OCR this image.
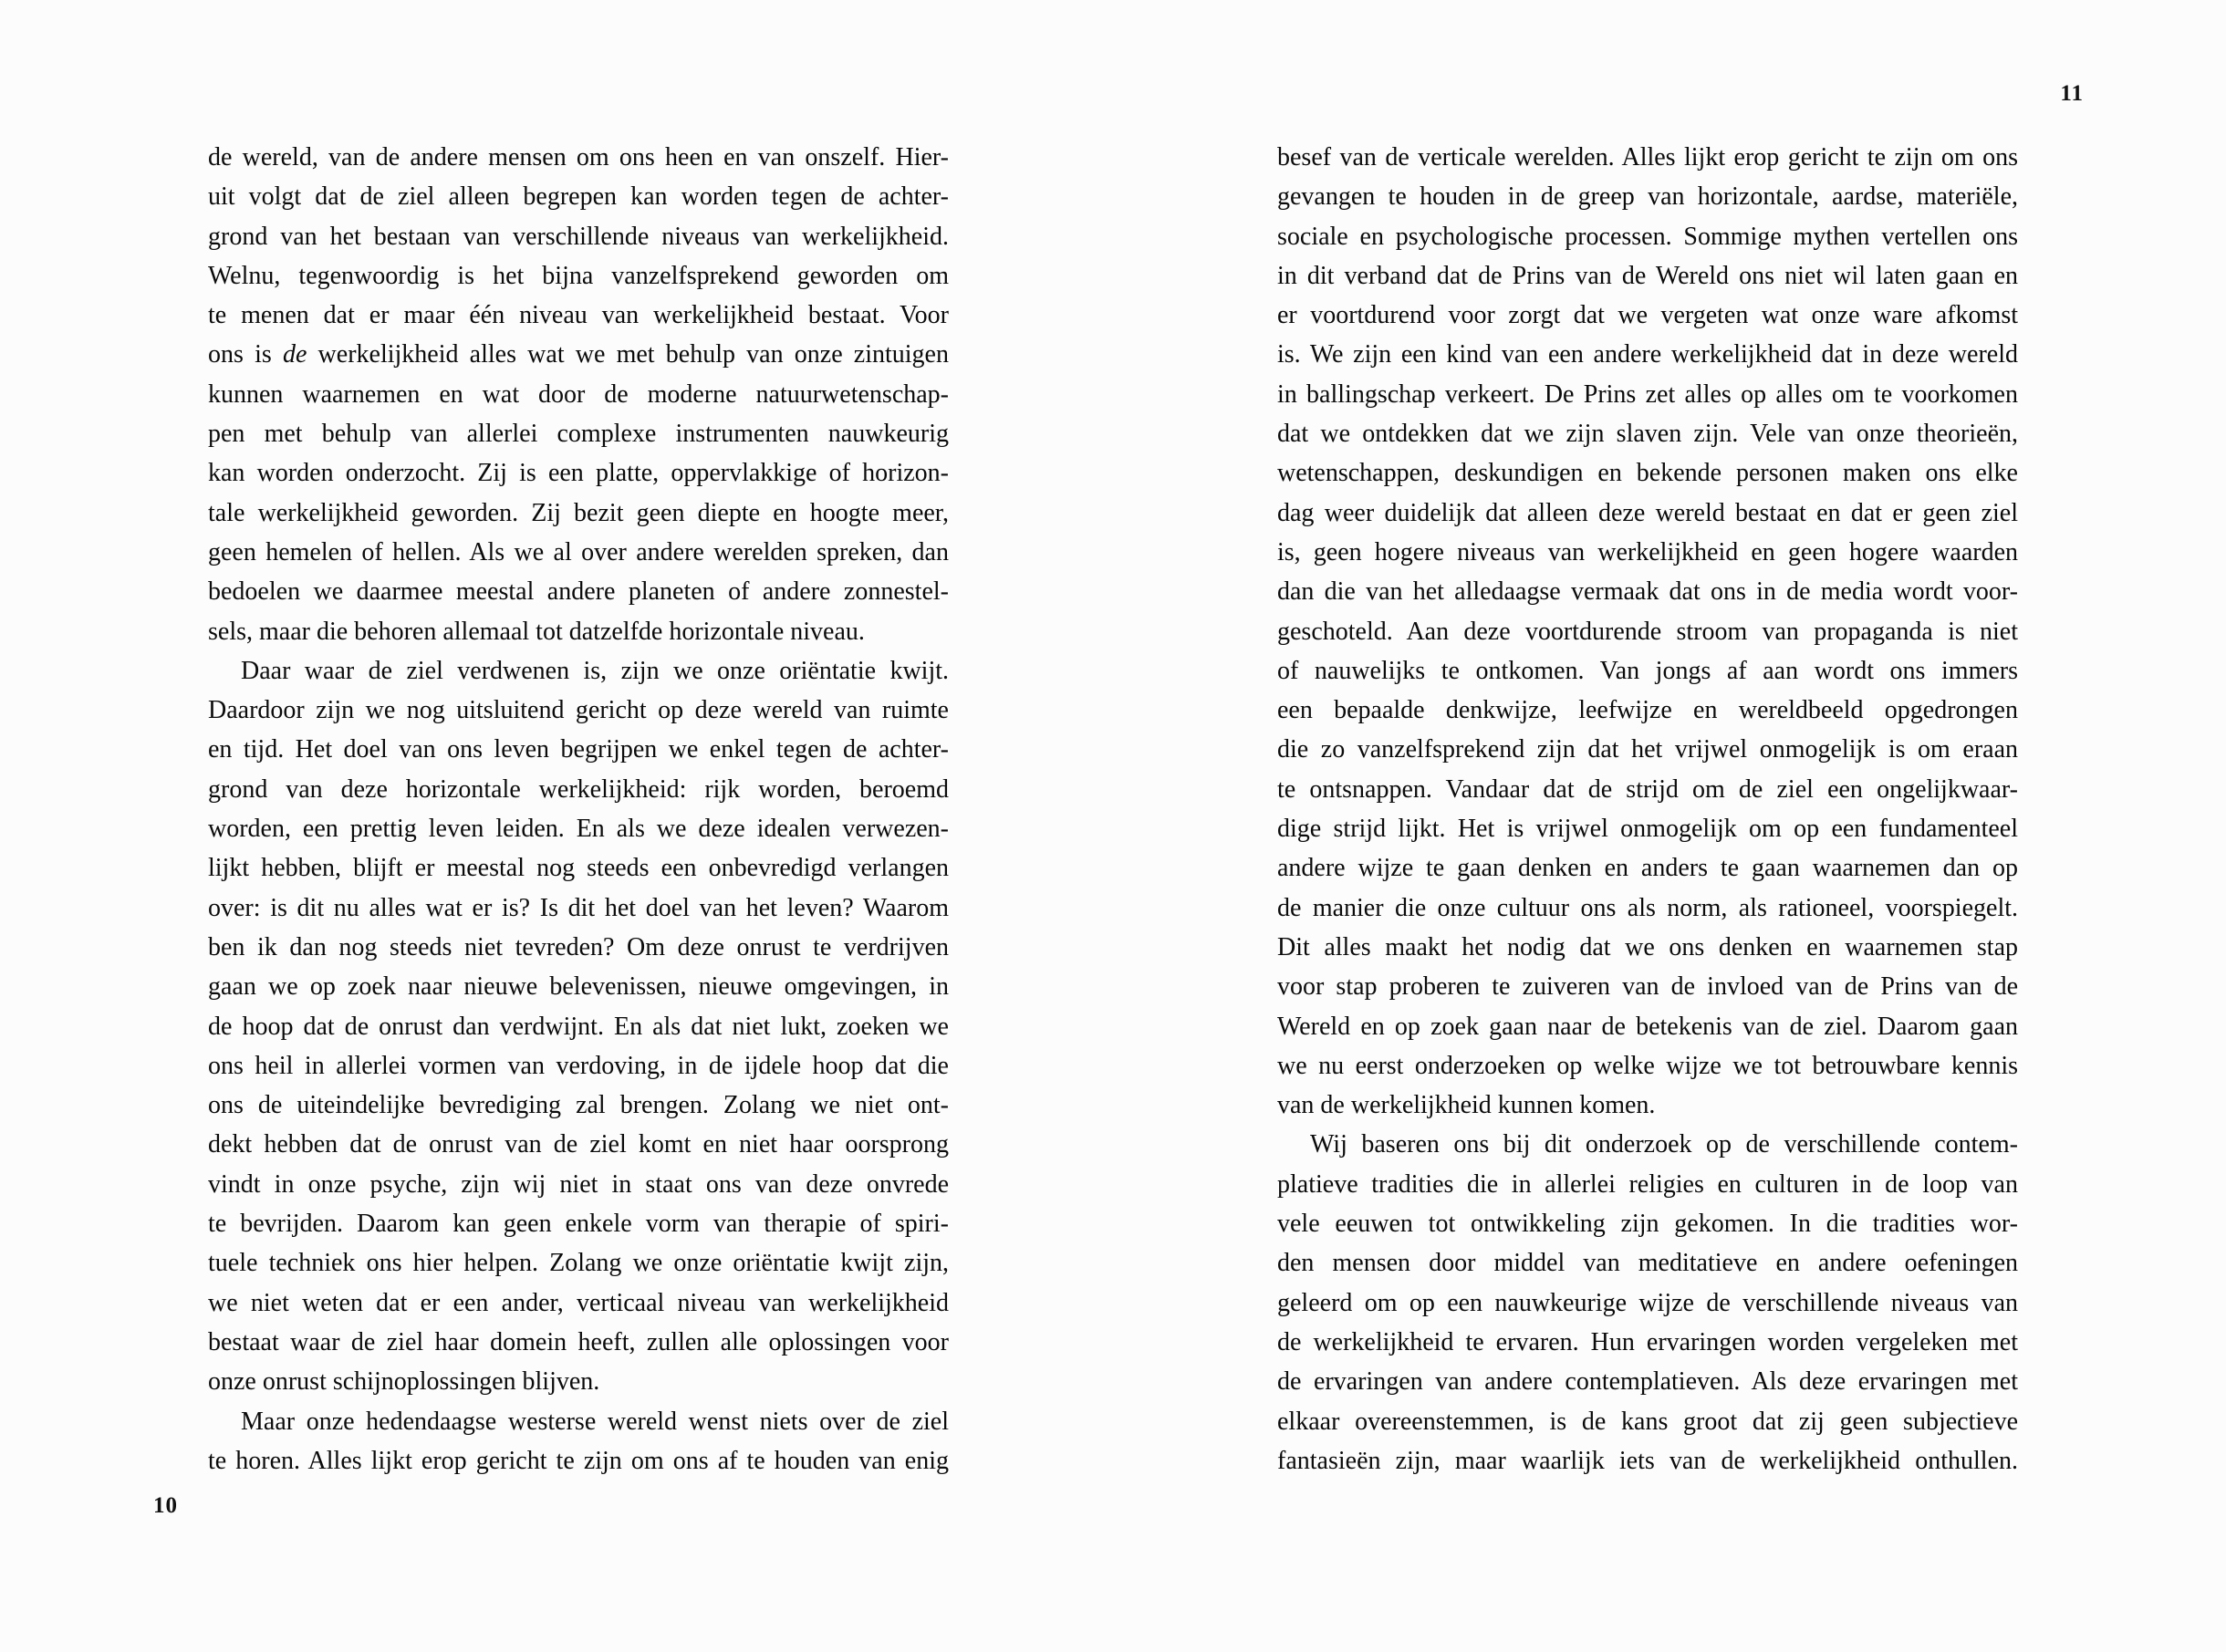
11
de wereld, van de andere mensen om ons heen en van onszelf. Hier-
uit volgt dat de ziel alleen begrepen kan worden tegen de achter-
grond van het bestaan van verschillende niveaus van werkelijkheid.
Welnu, tegenwoordig is het bijna vanzelfsprekend geworden om
te menen dat er maar één niveau van werkelijkheid bestaat. Voor
ons is de werkelijkheid alles wat we met behulp van onze zintuigen
kunnen waarnemen en wat door de moderne natuurwetenschap-
pen met behulp van allerlei complexe instrumenten nauwkeurig
kan worden onderzocht. Zij is een platte, oppervlakkige of horizon-
tale werkelijkheid geworden. Zij bezit geen diepte en hoogte meer,
geen hemelen of hellen. Als we al over andere werelden spreken, dan
bedoelen we daarmee meestal andere planeten of andere zonnestel-
sels, maar die behoren allemaal tot datzelfde horizontale niveau.
Daar waar de ziel verdwenen is, zijn we onze oriëntatie kwijt.
Daardoor zijn we nog uitsluitend gericht op deze wereld van ruimte
en tijd. Het doel van ons leven begrijpen we enkel tegen de achter-
grond van deze horizontale werkelijkheid: rijk worden, beroemd
worden, een prettig leven leiden. En als we deze idealen verwezen-
lijkt hebben, blijft er meestal nog steeds een onbevredigd verlangen
over: is dit nu alles wat er is? Is dit het doel van het leven? Waarom
ben ik dan nog steeds niet tevreden? Om deze onrust te verdrijven
gaan we op zoek naar nieuwe belevenissen, nieuwe omgevingen, in
de hoop dat de onrust dan verdwijnt. En als dat niet lukt, zoeken we
ons heil in allerlei vormen van verdoving, in de ijdele hoop dat die
ons de uiteindelijke bevrediging zal brengen. Zolang we niet ont-
dekt hebben dat de onrust van de ziel komt en niet haar oorsprong
vindt in onze psyche, zijn wij niet in staat ons van deze onvrede
te bevrijden. Daarom kan geen enkele vorm van therapie of spiri-
tuele techniek ons hier helpen. Zolang we onze oriëntatie kwijt zijn,
we niet weten dat er een ander, verticaal niveau van werkelijkheid
bestaat waar de ziel haar domein heeft, zullen alle oplossingen voor
onze onrust schijnoplossingen blijven.
Maar onze hedendaagse westerse wereld wenst niets over de ziel
te horen. Alles lijkt erop gericht te zijn om ons af te houden van enig
besef van de verticale werelden. Alles lijkt erop gericht te zijn om ons
gevangen te houden in de greep van horizontale, aardse, materiële,
sociale en psychologische processen. Sommige mythen vertellen ons
in dit verband dat de Prins van de Wereld ons niet wil laten gaan en
er voortdurend voor zorgt dat we vergeten wat onze ware afkomst
is. We zijn een kind van een andere werkelijkheid dat in deze wereld
in ballingschap verkeert. De Prins zet alles op alles om te voorkomen
dat we ontdekken dat we zijn slaven zijn. Vele van onze theorieën,
wetenschappen, deskundigen en bekende personen maken ons elke
dag weer duidelijk dat alleen deze wereld bestaat en dat er geen ziel
is, geen hogere niveaus van werkelijkheid en geen hogere waarden
dan die van het alledaagse vermaak dat ons in de media wordt voor-
geschoteld. Aan deze voortdurende stroom van propaganda is niet
of nauwelijks te ontkomen. Van jongs af aan wordt ons immers
een bepaalde denkwijze, leefwijze en wereldbeeld opgedrongen
die zo vanzelfsprekend zijn dat het vrijwel onmogelijk is om eraan
te ontsnappen. Vandaar dat de strijd om de ziel een ongelijkwaar-
dige strijd lijkt. Het is vrijwel onmogelijk om op een fundamenteel
andere wijze te gaan denken en anders te gaan waarnemen dan op
de manier die onze cultuur ons als norm, als rationeel, voorspiegelt.
Dit alles maakt het nodig dat we ons denken en waarnemen stap
voor stap proberen te zuiveren van de invloed van de Prins van de
Wereld en op zoek gaan naar de betekenis van de ziel. Daarom gaan
we nu eerst onderzoeken op welke wijze we tot betrouwbare kennis
van de werkelijkheid kunnen komen.
Wij baseren ons bij dit onderzoek op de verschillende contem-
platieve tradities die in allerlei religies en culturen in de loop van
vele eeuwen tot ontwikkeling zijn gekomen. In die tradities wor-
den mensen door middel van meditatieve en andere oefeningen
geleerd om op een nauwkeurige wijze de verschillende niveaus van
de werkelijkheid te ervaren. Hun ervaringen worden vergeleken met
de ervaringen van andere contemplatieven. Als deze ervaringen met
elkaar overeenstemmen, is de kans groot dat zij geen subjectieve
fantasieën zijn, maar waarlijk iets van de werkelijkheid onthullen.
10
